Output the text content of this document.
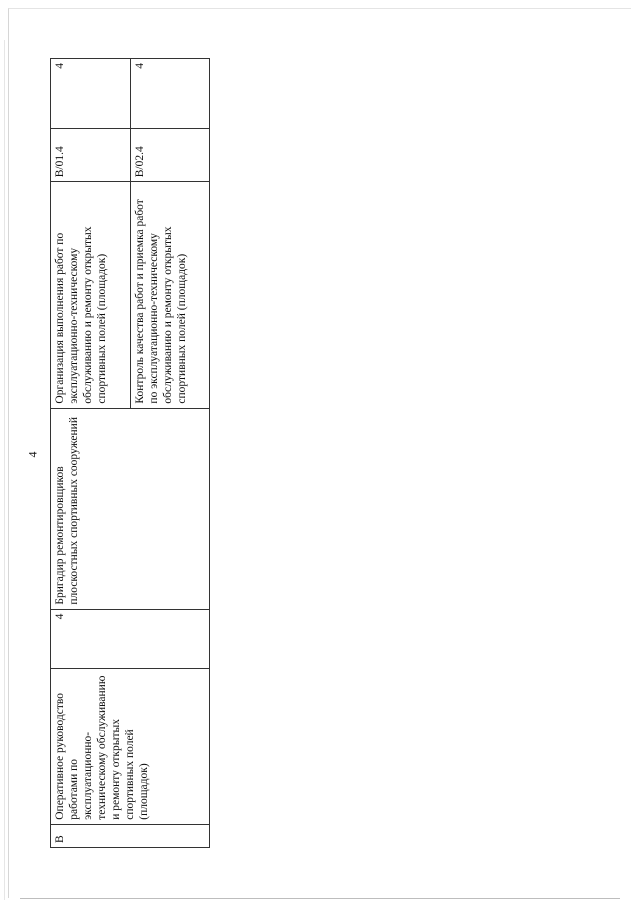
4
В	Оперативное руководство работами по эксплуатационно-техническому обслуживанию и ремонту открытых спортивных полей (площадок)	4	Бригадир ремонтировщиков плоскостных спортивных сооружений	Организация выполнения работ по эксплуатационно-техническому обслуживанию и ремонту открытых спортивных полей (площадок)	В/01.4	4
				Контроль качества работ и приемка работ по эксплуатационно-техническому обслуживанию и ремонту открытых спортивных полей (площадок)	В/02.4	4
